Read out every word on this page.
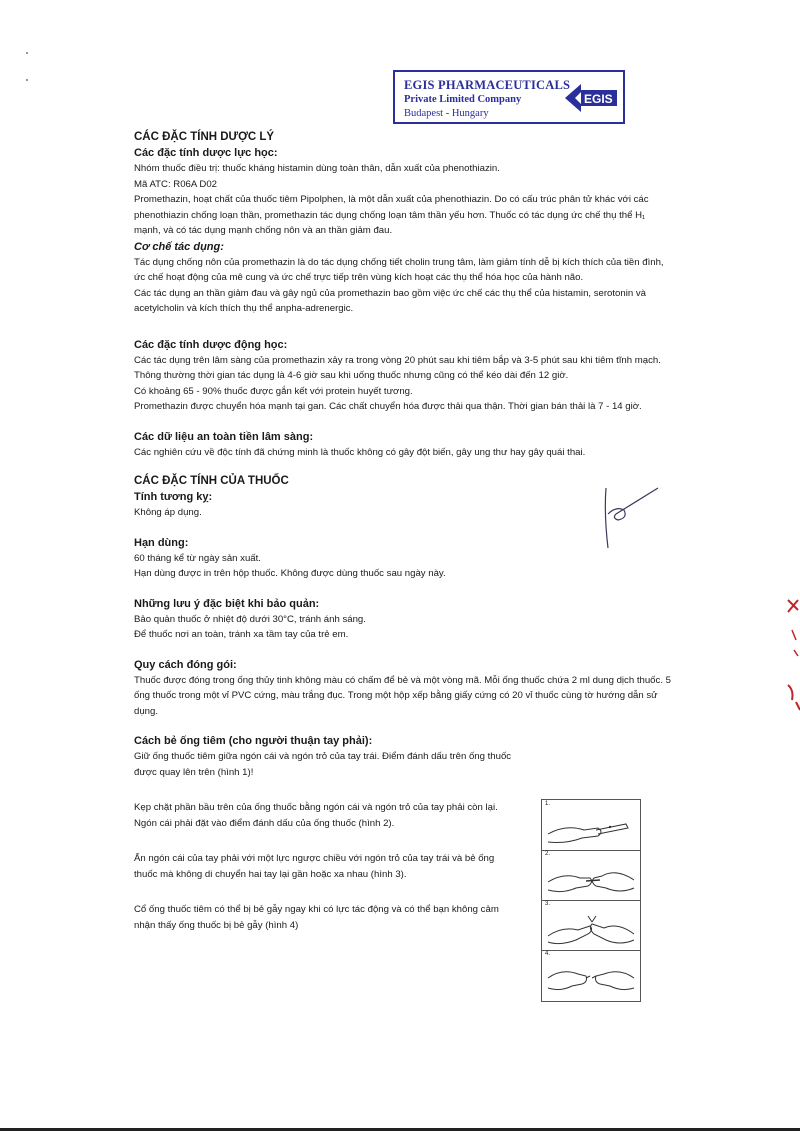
EGIS PHARMACEUTICALS
Private Limited Company
Budapest - Hungary
EGIS
CÁC ĐẶC TÍNH DƯỢC LÝ
Các đặc tính dược lực học:

Nhóm thuốc điều trị: thuốc kháng histamin dùng toàn thân, dẫn xuất của phenothiazin.

Mã ATC: R06A D02

Promethazin, hoạt chất của thuốc tiêm Pipolphen, là một dẫn xuất của phenothiazin. Do có cấu trúc phân tử khác với các phenothiazin chống loạn thần, promethazin tác dụng chống loạn tâm thần yếu hơn. Thuốc có tác dụng ức chế thụ thể H₁ mạnh, và có tác dụng mạnh chống nôn và an thần giảm đau.

Cơ chế tác dụng:

Tác dụng chống nôn của promethazin là do tác dụng chống tiết cholin trung tâm, làm giảm tính dễ bị kích thích của tiền đình, ức chế hoạt động của mê cung và ức chế trực tiếp trên vùng kích hoạt các thụ thể hóa học của hành não.

Các tác dụng an thần giảm đau và gây ngủ của promethazin bao gồm việc ức chế các thụ thể của histamin, serotonin và acetylcholin và kích thích thụ thể anpha-adrenergic.

Các đặc tính dược động học:

Các tác dụng trên lâm sàng của promethazin xảy ra trong vòng 20 phút sau khi tiêm bắp và 3-5 phút sau khi tiêm tĩnh mạch. Thông thường thời gian tác dụng là 4-6 giờ sau khi uống thuốc nhưng cũng có thể kéo dài đến 12 giờ.

Có khoảng 65 - 90% thuốc được gắn kết với protein huyết tương.

Promethazin được chuyển hóa mạnh tại gan. Các chất chuyển hóa được thải qua thận. Thời gian bán thải là 7 - 14 giờ.

Các dữ liệu an toàn tiền lâm sàng:

Các nghiên cứu về độc tính đã chứng minh là thuốc không có gây đột biến, gây ung thư hay gây quái thai.

CÁC ĐẶC TÍNH CỦA THUỐC
Tính tương kỵ:

Không áp dụng.

Hạn dùng:

60 tháng kể từ ngày sản xuất.

Hạn dùng được in trên hộp thuốc. Không được dùng thuốc sau ngày này.

Những lưu ý đặc biệt khi bảo quản:

Bảo quản thuốc ở nhiệt độ dưới 30°C, tránh ánh sáng.

Để thuốc nơi an toàn, tránh xa tầm tay của trẻ em.

Quy cách đóng gói:

Thuốc được đóng trong ống thủy tinh không màu có chấm để bẻ và một vòng mã. Mỗi ống thuốc chứa 2 ml dung dịch thuốc. 5 ống thuốc trong một vỉ PVC cứng, màu trắng đục. Trong một hộp xếp bằng giấy cứng có 20 vỉ thuốc cùng tờ hướng dẫn sử dụng.

Cách bẻ ống tiêm (cho người thuận tay phải):

Giữ ống thuốc tiêm giữa ngón cái và ngón trỏ của tay trái. Điểm đánh dấu trên ống thuốc được quay lên trên (hình 1)!

Kẹp chặt phần bầu trên của ống thuốc bằng ngón cái và ngón trỏ của tay phải còn lại. Ngón cái phải đặt vào điểm đánh dấu của ống thuốc (hình 2).

Ấn ngón cái của tay phải với một lực ngược chiều với ngón trỏ của tay trái và bẻ ống thuốc mà không di chuyển hai tay lại gần hoặc xa nhau (hình 3).

Cổ ống thuốc tiêm có thể bị bẻ gẫy ngay khi có lực tác động và có thể bạn không cảm nhận thấy ống thuốc bị bẻ gẫy (hình 4)

1.
2.
3.
4.
